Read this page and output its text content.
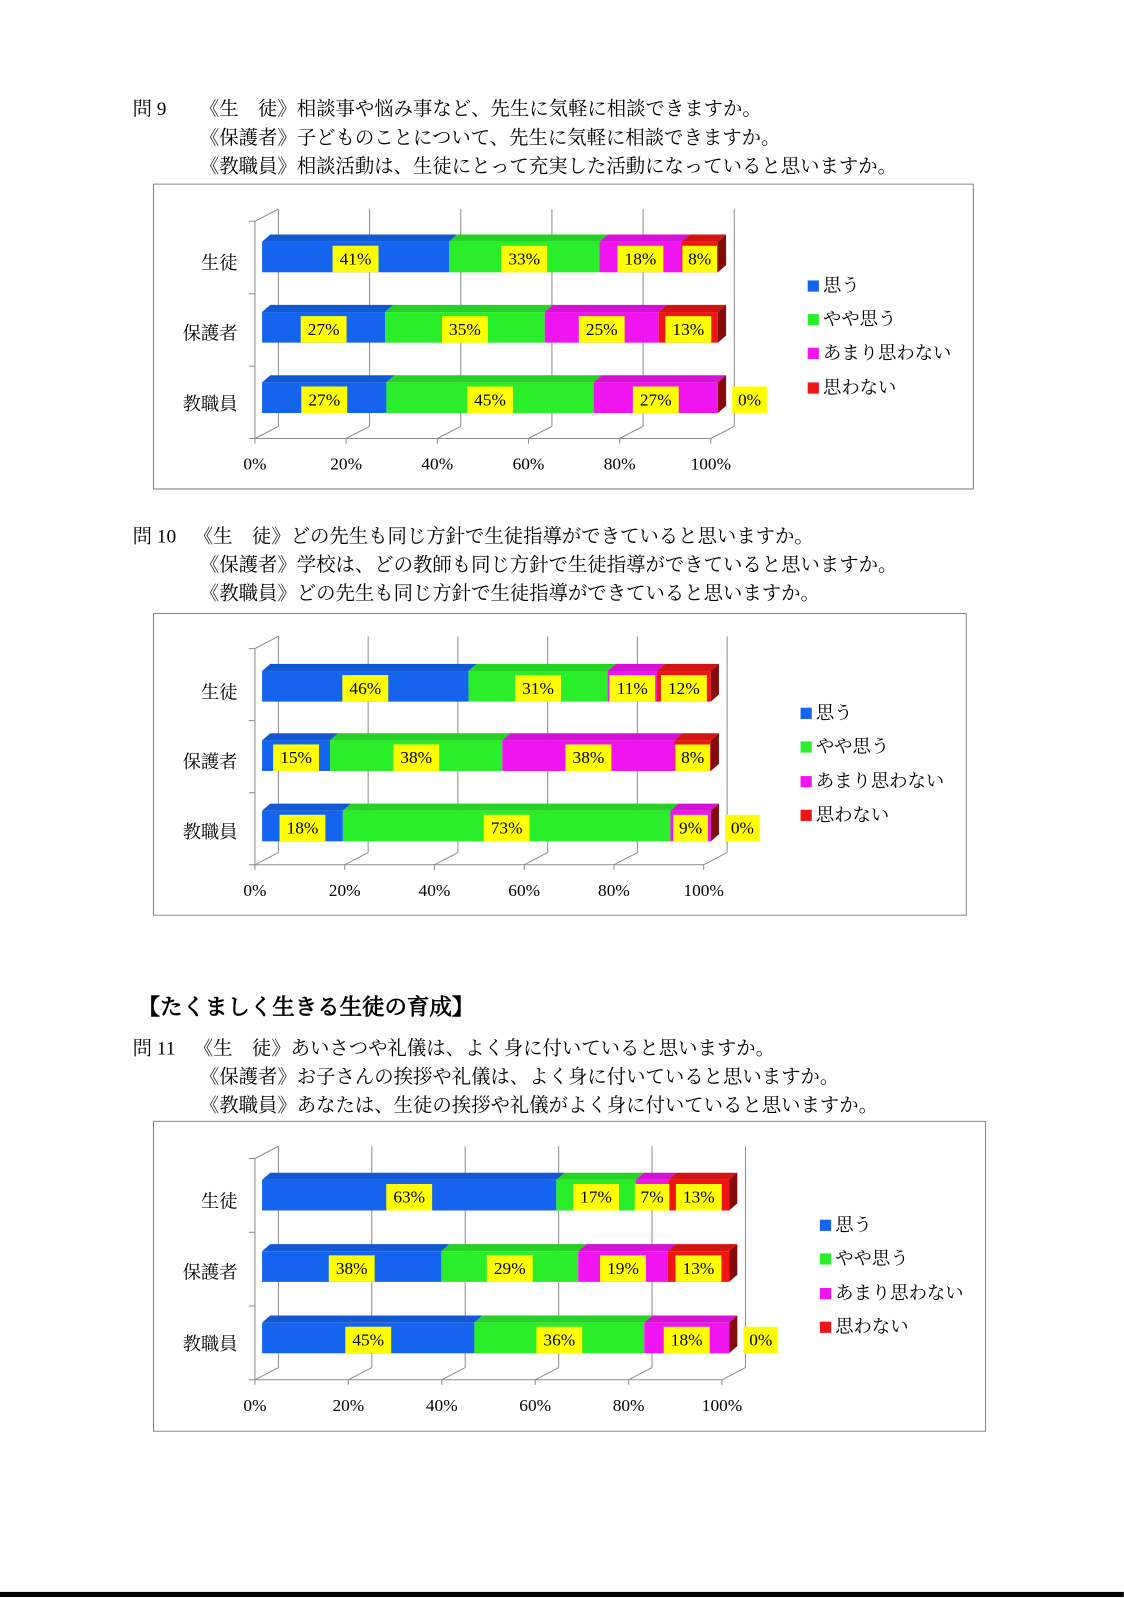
問 9 《生　徒》相談事や悩み事など、先生に気軽に相談できますか。
《保護者》子どものことについて、先生に気軽に相談できますか。
《教職員》相談活動は、生徒にとって充実した活動になっていると思いますか。
41%	33%	18% 8%
27%	35%	25%	13%
27%	45%	27%	0%
生徒
保護者
教職員
0%	20%	40%	60%	80%	100%
思う
やや思う
あまり思わない
思わない
問 10 《生　徒》どの先生も同じ方針で生徒指導ができていると思いますか。
《保護者》学校は、どの教師も同じ方針で生徒指導ができていると思いますか。
《教職員》どの先生も同じ方針で生徒指導ができていると思いますか。
46%	31%	11% 12%
15%	38%	38%	8%
18%	73%	9% 0%
生徒
保護者
教職員
0%	20%	40%	60%	80%	100%
思う
やや思う
あまり思わない
思わない
【たくましく生きる生徒の育成】
問 11 《生　徒》あいさつや礼儀は、よく身に付いていると思いますか。
《保護者》お子さんの挨拶や礼儀は、よく身に付いていると思いますか。
《教職員》あなたは、生徒の挨拶や礼儀がよく身に付いていると思いますか。
63%	17% 7% 13%
38%	29%	19%	13%
45%	36%	18%	0%
生徒
保護者
教職員
0%	20%	40%	60%	80%	100%
思う
やや思う
あまり思わない
思わない
